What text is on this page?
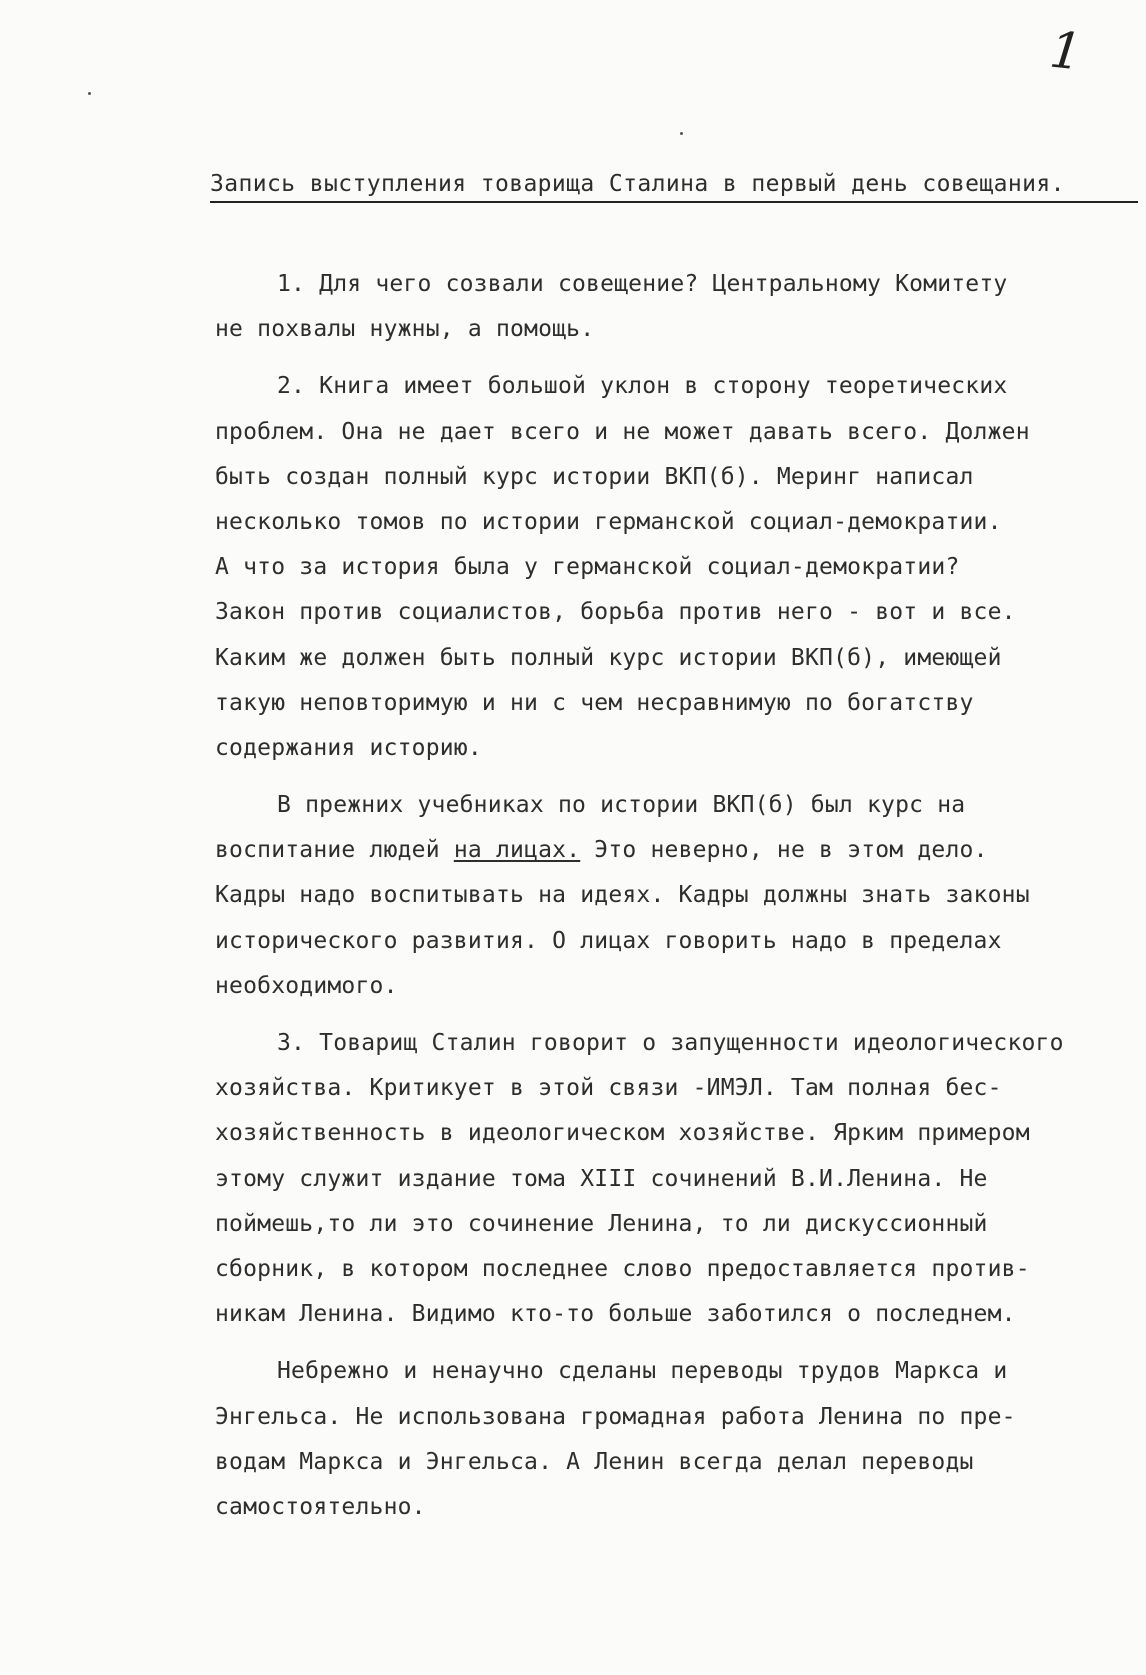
1
Запись выступления товарища Сталина в первый день совещания.
1. Для чего созвали совещение? Центральному Комитету
не похвалы нужны, а помощь.
2. Книга имеет большой уклон в сторону теоретических
проблем. Она не дает всего и не может давать всего. Должен
быть создан полный курс истории ВКП(б). Меринг написал
несколько томов по истории германской социал-демократии.
А что за история была у германской социал-демократии?
Закон против социалистов, борьба против него - вот и все.
Каким же должен быть полный курс истории ВКП(б), имеющей
такую неповторимую и ни с чем несравнимую по богатству
содержания историю.
В прежних учебниках по истории ВКП(б) был курс на
воспитание людей на лицах. Это неверно, не в этом дело.
Кадры надо воспитывать на идеях. Кадры должны знать законы
исторического развития. О лицах говорить надо в пределах
необходимого.
3. Товарищ Сталин говорит о запущенности идеологического
хозяйства. Критикует в этой связи -ИМЭЛ. Там полная бес-
хозяйственность в идеологическом хозяйстве. Ярким примером
этому служит издание тома XIII сочинений В.И.Ленина. Не
поймешь,то ли это сочинение Ленина, то ли дискуссионный
сборник, в котором последнее слово предоставляется против-
никам Ленина. Видимо кто-то больше заботился о последнем.
Небрежно и ненаучно сделаны переводы трудов Маркса и
Энгельса. Не использована громадная работа Ленина по пре-
водам Маркса и Энгельса. А Ленин всегда делал переводы
самостоятельно.
